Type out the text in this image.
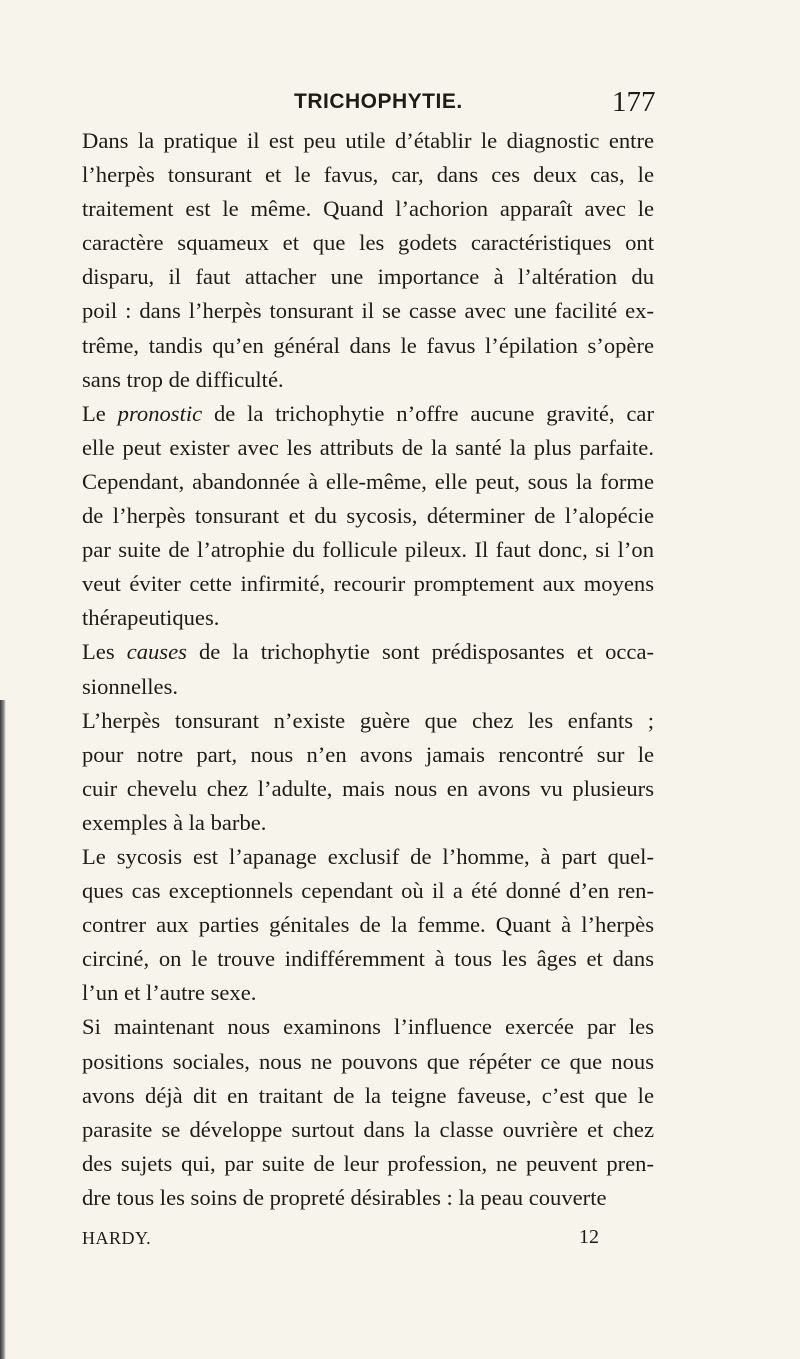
TRICHOPHYTIE.	177
Dans la pratique il est peu utile d’établir le diagnostic entre
l’herpès tonsurant et le favus, car, dans ces deux cas, le
traitement est le même. Quand l’achorion apparaît avec le
caractère squameux et que les godets caractéristiques ont
disparu, il faut attacher une importance à l’altération du
poil : dans l’herpès tonsurant il se casse avec une facilité ex-
trême, tandis qu’en général dans le favus l’épilation s’opère
sans trop de difficulté.
Le pronostic de la trichophytie n’offre aucune gravité, car
elle peut exister avec les attributs de la santé la plus parfaite.
Cependant, abandonnée à elle-même, elle peut, sous la forme
de l’herpès tonsurant et du sycosis, déterminer de l’alopécie
par suite de l’atrophie du follicule pileux. Il faut donc, si l’on
veut éviter cette infirmité, recourir promptement aux moyens
thérapeutiques.
Les causes de la trichophytie sont prédisposantes et occa-
sionnelles.
L’herpès tonsurant n’existe guère que chez les enfants ;
pour notre part, nous n’en avons jamais rencontré sur le
cuir chevelu chez l’adulte, mais nous en avons vu plusieurs
exemples à la barbe.
Le sycosis est l’apanage exclusif de l’homme, à part quel-
ques cas exceptionnels cependant où il a été donné d’en ren-
contrer aux parties génitales de la femme. Quant à l’herpès
circiné, on le trouve indifféremment à tous les âges et dans
l’un et l’autre sexe.
Si maintenant nous examinons l’influence exercée par les
positions sociales, nous ne pouvons que répéter ce que nous
avons déjà dit en traitant de la teigne faveuse, c’est que le
parasite se développe surtout dans la classe ouvrière et chez
des sujets qui, par suite de leur profession, ne peuvent pren-
dre tous les soins de propreté désirables : la peau couverte
HARDY.	12
